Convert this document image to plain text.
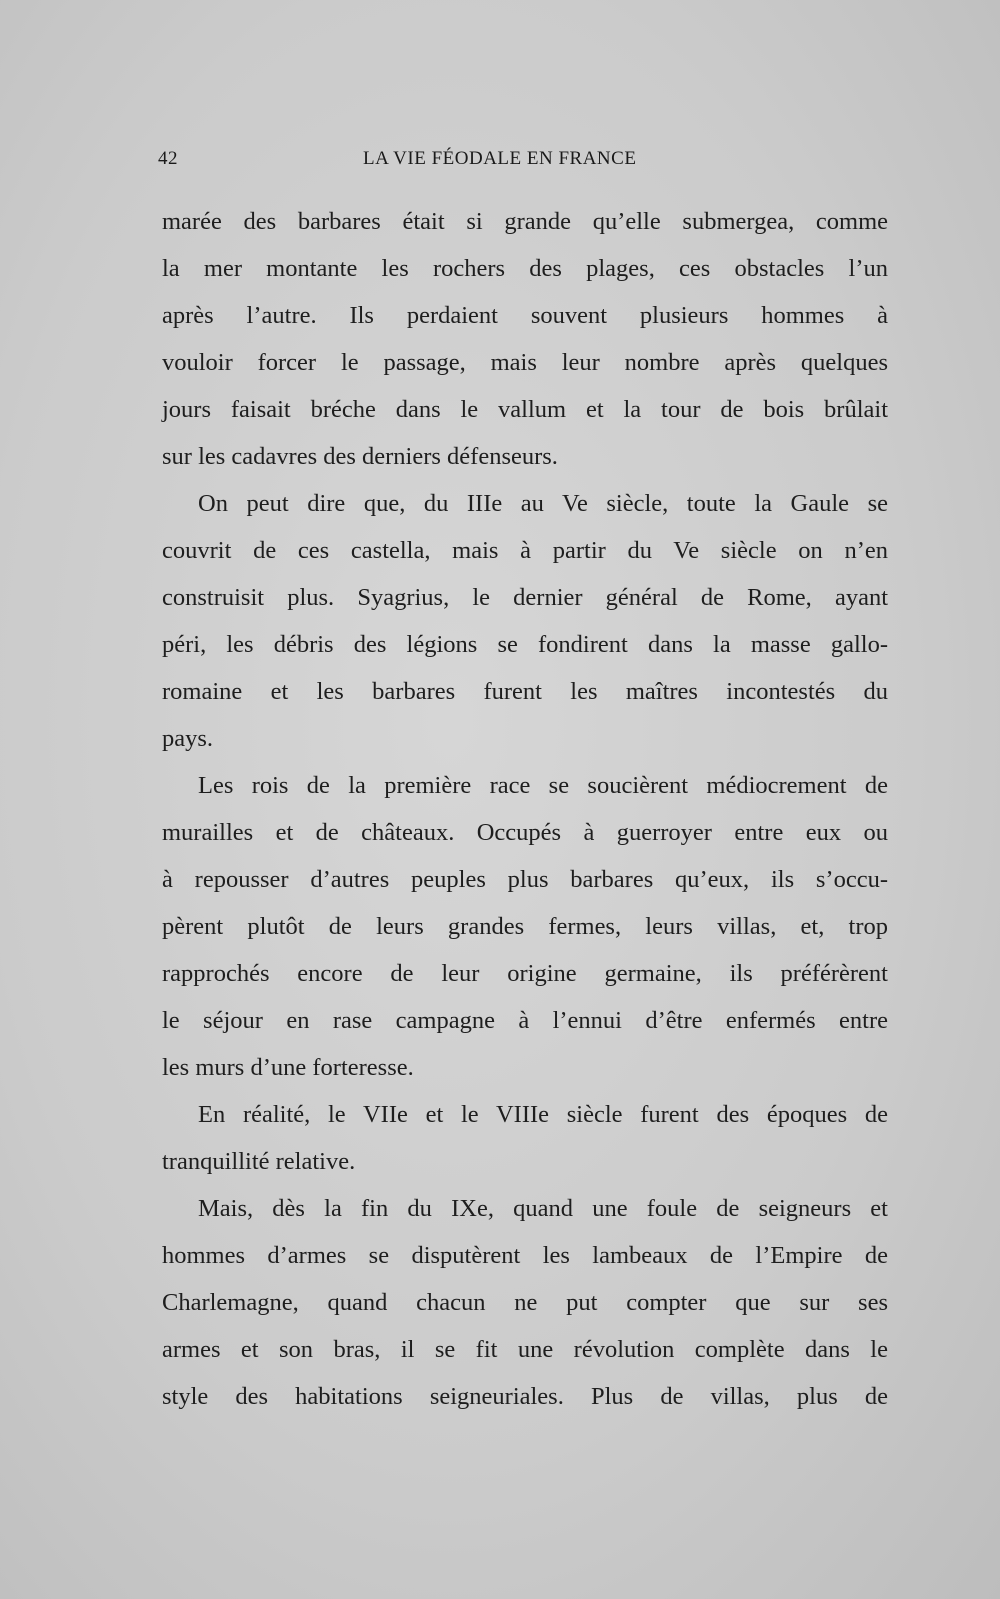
42	LA VIE FÉODALE EN FRANCE
marée des barbares était si grande qu’elle submergea, comme
la mer montante les rochers des plages, ces obstacles l’un
après l’autre. Ils perdaient souvent plusieurs hommes à
vouloir forcer le passage, mais leur nombre après quelques
jours faisait bréche dans le vallum et la tour de bois brûlait
sur les cadavres des derniers défenseurs.
On peut dire que, du IIIe au Ve siècle, toute la Gaule se
couvrit de ces castella, mais à partir du Ve siècle on n’en
construisit plus. Syagrius, le dernier général de Rome, ayant
péri, les débris des légions se fondirent dans la masse gallo-
romaine et les barbares furent les maîtres incontestés du
pays.
Les rois de la première race se soucièrent médiocrement de
murailles et de châteaux. Occupés à guerroyer entre eux ou
à repousser d’autres peuples plus barbares qu’eux, ils s’occu-
pèrent plutôt de leurs grandes fermes, leurs villas, et, trop
rapprochés encore de leur origine germaine, ils préférèrent
le séjour en rase campagne à l’ennui d’être enfermés entre
les murs d’une forteresse.
En réalité, le VIIe et le VIIIe siècle furent des époques de
tranquillité relative.
Mais, dès la fin du IXe, quand une foule de seigneurs et
hommes d’armes se disputèrent les lambeaux de l’Empire de
Charlemagne, quand chacun ne put compter que sur ses
armes et son bras, il se fit une révolution complète dans le
style des habitations seigneuriales. Plus de villas, plus de
